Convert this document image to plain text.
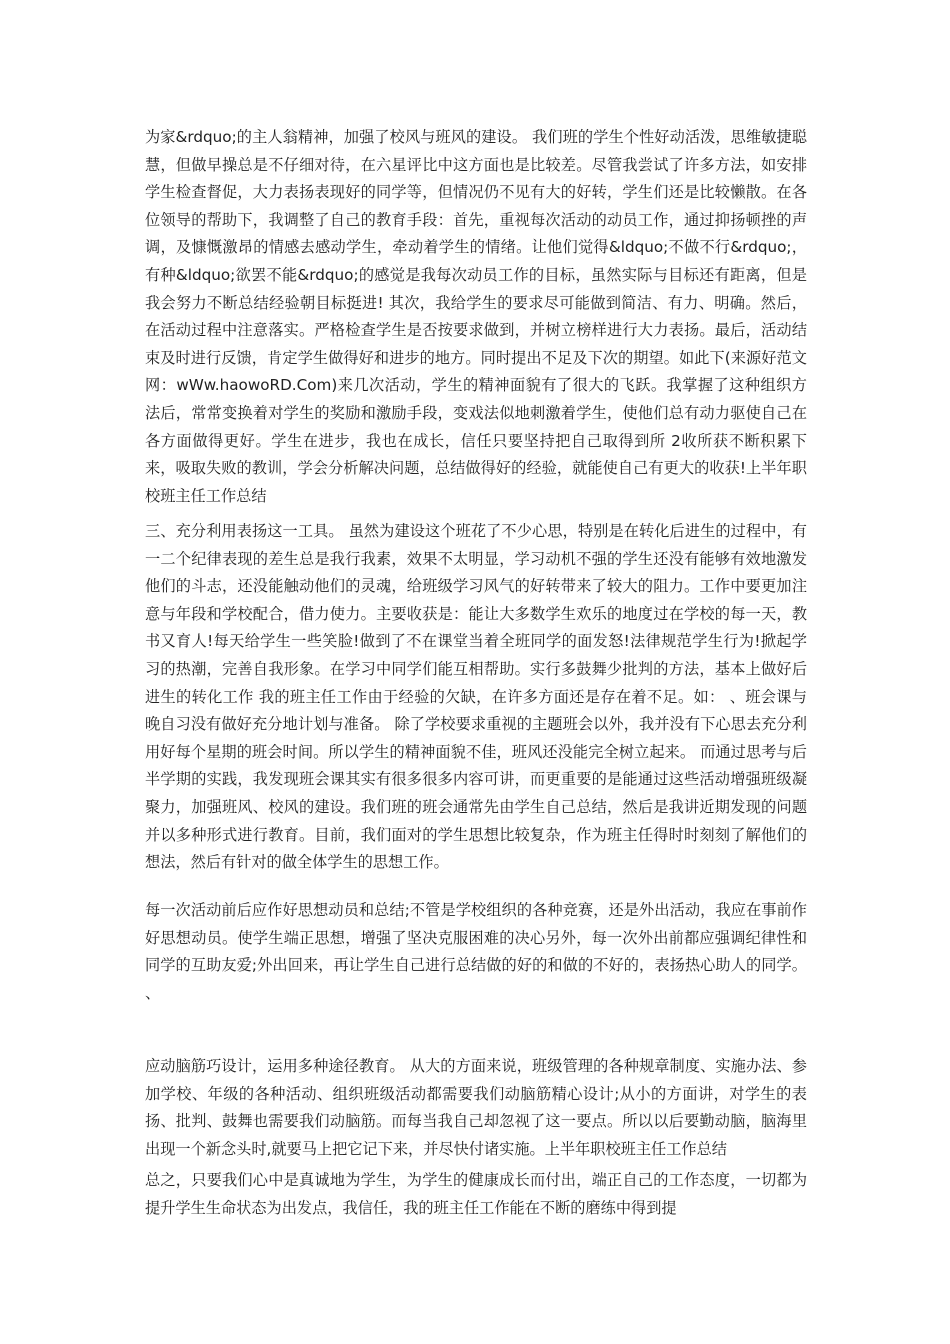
为家&rdquo;的主人翁精神，加强了校风与班风的建设。 我们班的学生个性好动活泼，思维敏捷聪慧，但做早操总是不仔细对待，在六星评比中这方面也是比较差。尽管我尝试了许多方法，如安排学生检查督促，大力表扬表现好的同学等，但情况仍不见有大的好转，学生们还是比较懒散。在各位领导的帮助下，我调整了自己的教育手段：首先，重视每次活动的动员工作，通过抑扬顿挫的声调，及慷慨激昂的情感去感动学生，牵动着学生的情绪。让他们觉得&ldquo;不做不行&rdquo;，有种&ldquo;欲罢不能&rdquo;的感觉是我每次动员工作的目标，虽然实际与目标还有距离，但是我会努力不断总结经验朝目标挺进! 其次，我给学生的要求尽可能做到简洁、有力、明确。然后，在活动过程中注意落实。严格检查学生是否按要求做到，并树立榜样进行大力表扬。最后，活动结束及时进行反馈，肯定学生做得好和进步的地方。同时提出不足及下次的期望。如此下(来源好范文网：wWw.haowoRD.Com)来几次活动，学生的精神面貌有了很大的飞跃。我掌握了这种组织方法后，常常变换着对学生的奖励和激励手段，变戏法似地刺激着学生，使他们总有动力驱使自己在各方面做得更好。学生在进步，我也在成长，信任只要坚持把自己取得到所 2收所获不断积累下来，吸取失败的教训，学会分析解决问题，总结做得好的经验，就能使自己有更大的收获!上半年职校班主任工作总结

三、充分利用表扬这一工具。 虽然为建设这个班花了不少心思，特别是在转化后进生的过程中，有一二个纪律表现的差生总是我行我素，效果不太明显，学习动机不强的学生还没有能够有效地激发他们的斗志，还没能触动他们的灵魂，给班级学习风气的好转带来了较大的阻力。工作中要更加注意与年段和学校配合，借力使力。主要收获是：能让大多数学生欢乐的地度过在学校的每一天，教书又育人!每天给学生一些笑脸!做到了不在课堂当着全班同学的面发怒!法律规范学生行为!掀起学习的热潮，完善自我形象。在学习中同学们能互相帮助。实行多鼓舞少批判的方法，基本上做好后进生的转化工作 我的班主任工作由于经验的欠缺，在许多方面还是存在着不足。如： 、班会课与晚自习没有做好充分地计划与准备。 除了学校要求重视的主题班会以外，我并没有下心思去充分利用好每个星期的班会时间。所以学生的精神面貌不佳，班风还没能完全树立起来。 而通过思考与后半学期的实践，我发现班会课其实有很多很多内容可讲，而更重要的是能通过这些活动增强班级凝聚力，加强班风、校风的建设。我们班的班会通常先由学生自己总结，然后是我讲近期发现的问题并以多种形式进行教育。目前，我们面对的学生思想比较复杂，作为班主任得时时刻刻了解他们的想法，然后有针对的做全体学生的思想工作。

每一次活动前后应作好思想动员和总结;不管是学校组织的各种竞赛，还是外出活动，我应在事前作好思想动员。使学生端正思想，增强了坚决克服困难的决心另外，每一次外出前都应强调纪律性和同学的互助友爱;外出回来，再让学生自己进行总结做的好的和做的不好的，表扬热心助人的同学。 、

应动脑筋巧设计，运用多种途径教育。 从大的方面来说，班级管理的各种规章制度、实施办法、参加学校、年级的各种活动、组织班级活动都需要我们动脑筋精心设计;从小的方面讲，对学生的表扬、批判、鼓舞也需要我们动脑筋。而每当我自己却忽视了这一要点。所以以后要勤动脑，脑海里出现一个新念头时,就要马上把它记下来，并尽快付诸实施。上半年职校班主任工作总结

总之，只要我们心中是真诚地为学生，为学生的健康成长而付出，端正自己的工作态度，一切都为提升学生生命状态为出发点，我信任，我的班主任工作能在不断的磨练中得到提
